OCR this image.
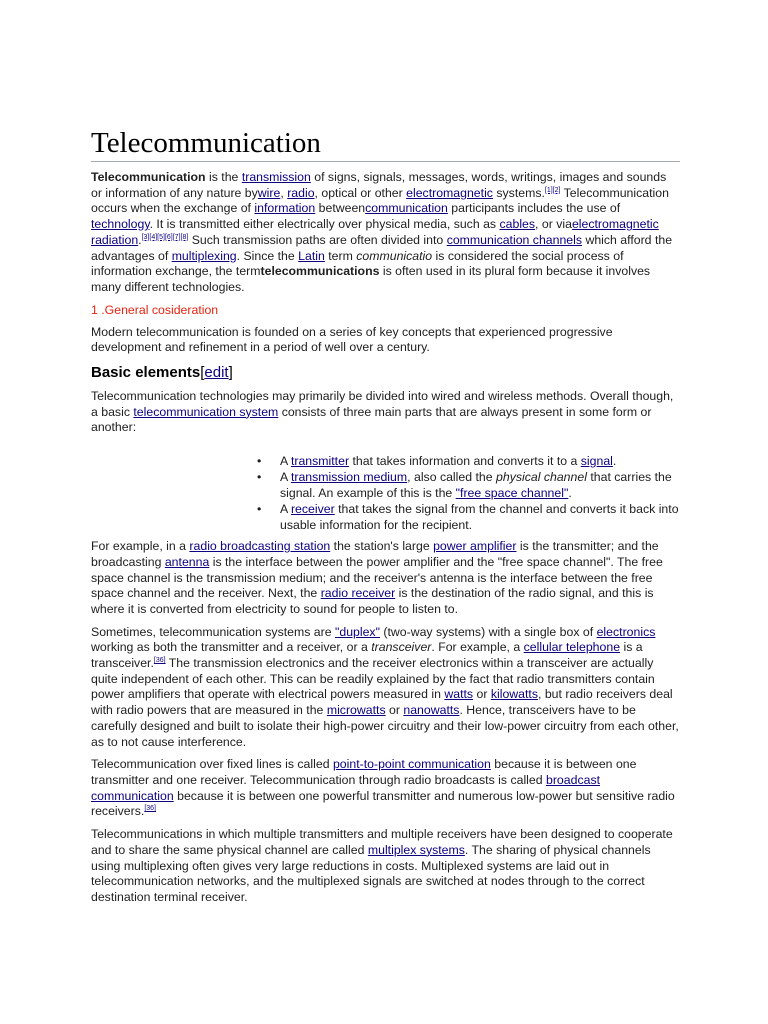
Telecommunication

Telecommunication is the transmission of signs, signals, messages, words, writings, images and sounds or information of any nature bywire, radio, optical or other electromagnetic systems.[1][2] Telecommunication occurs when the exchange of information betweencommunication participants includes the use of technology. It is transmitted either electrically over physical media, such as cables, or viaelectromagnetic radiation.[3][4][5][6][7][8] Such transmission paths are often divided into communication channels which afford the advantages of multiplexing. Since the Latin term communicatio is considered the social process of information exchange, the termtelecommunications is often used in its plural form because it involves many different technologies.

1 .General cosideration

Modern telecommunication is founded on a series of key concepts that experienced progressive development and refinement in a period of well over a century.

Basic elements[edit]

Telecommunication technologies may primarily be divided into wired and wireless methods. Overall though, a basic telecommunication system consists of three main parts that are always present in some form or another:

• A transmitter that takes information and converts it to a signal.
• A transmission medium, also called the physical channel that carries the signal. An example of this is the "free space channel".
• A receiver that takes the signal from the channel and converts it back into usable information for the recipient.

For example, in a radio broadcasting station the station's large power amplifier is the transmitter; and the broadcasting antenna is the interface between the power amplifier and the "free space channel". The free space channel is the transmission medium; and the receiver's antenna is the interface between the free space channel and the receiver. Next, the radio receiver is the destination of the radio signal, and this is where it is converted from electricity to sound for people to listen to.

Sometimes, telecommunication systems are "duplex" (two-way systems) with a single box of electronics working as both the transmitter and a receiver, or a transceiver. For example, a cellular telephone is a transceiver.[36] The transmission electronics and the receiver electronics within a transceiver are actually quite independent of each other. This can be readily explained by the fact that radio transmitters contain power amplifiers that operate with electrical powers measured in watts or kilowatts, but radio receivers deal with radio powers that are measured in the microwatts or nanowatts. Hence, transceivers have to be carefully designed and built to isolate their high-power circuitry and their low-power circuitry from each other, as to not cause interference.

Telecommunication over fixed lines is called point-to-point communication because it is between one transmitter and one receiver. Telecommunication through radio broadcasts is called broadcast communication because it is between one powerful transmitter and numerous low-power but sensitive radio receivers.[36]

Telecommunications in which multiple transmitters and multiple receivers have been designed to cooperate and to share the same physical channel are called multiplex systems. The sharing of physical channels using multiplexing often gives very large reductions in costs. Multiplexed systems are laid out in telecommunication networks, and the multiplexed signals are switched at nodes through to the correct destination terminal receiver.
